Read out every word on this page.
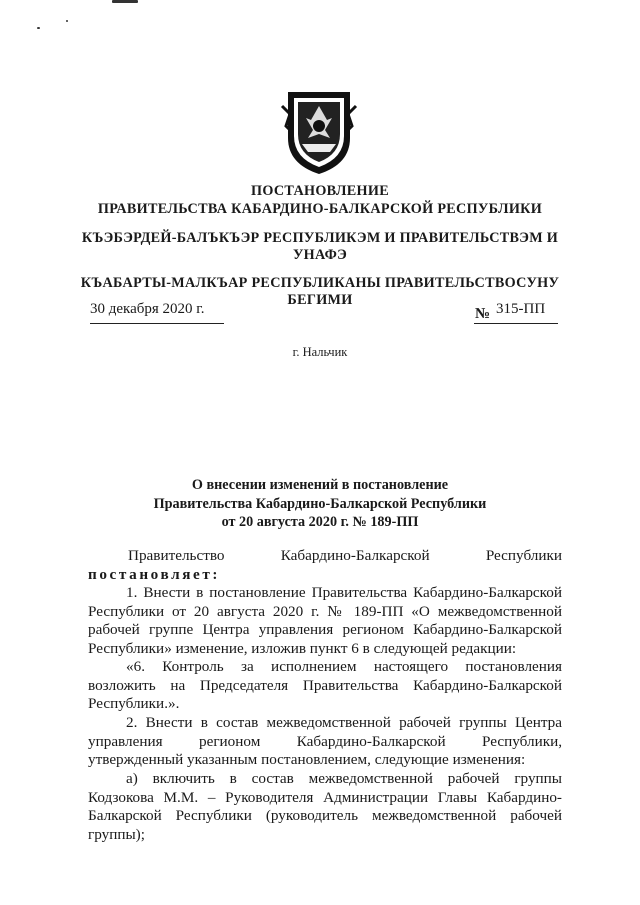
ПОСТАНОВЛЕНИЕ
ПРАВИТЕЛЬСТВА КАБАРДИНО-БАЛКАРСКОЙ РЕСПУБЛИКИ
КЪЭБЭРДЕЙ-БАЛЪКЪЭР РЕСПУБЛИКЭМ И ПРАВИТЕЛЬСТВЭМ И
УНАФЭ
КЪАБАРТЫ-МАЛКЪАР РЕСПУБЛИКАНЫ ПРАВИТЕЛЬСТВОСУНУ
БЕГИМИ
30 декабря 2020 г.	№ 315-ПП
г. Нальчик
О внесении изменений в постановление
Правительства Кабардино-Балкарской Республики
от 20 августа 2020 г. № 189-ПП
Правительство	Кабардино-Балкарской	Республики
постановляет:
1. Внести в постановление Правительства Кабардино-Балкарской Республики от 20 августа 2020 г. № 189-ПП «О межведомственной рабочей группе Центра управления регионом Кабардино-Балкарской Республики» изменение, изложив пункт 6 в следующей редакции:
«6. Контроль за исполнением настоящего постановления возложить на Председателя Правительства Кабардино-Балкарской Республики.».
2. Внести в состав межведомственной рабочей группы Центра управления регионом Кабардино-Балкарской Республики, утвержденный указанным постановлением, следующие изменения:
а) включить в состав межведомственной рабочей группы Кодзокова М.М. – Руководителя Администрации Главы Кабардино-Балкарской Республики (руководитель межведомственной рабочей группы);
